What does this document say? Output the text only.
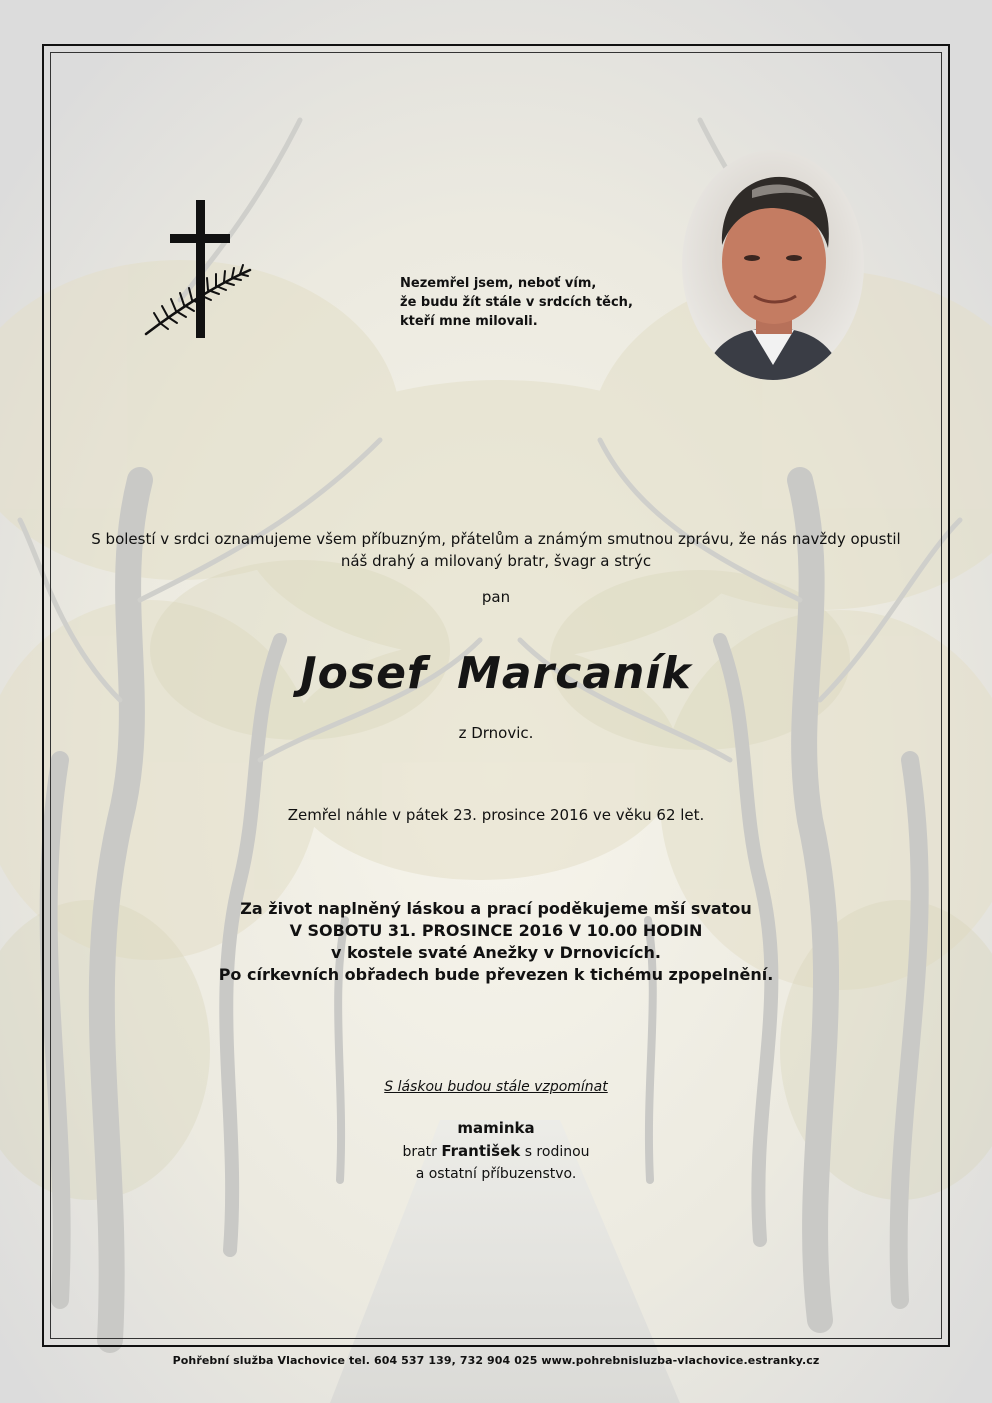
Nezemřel jsem, neboť vím,
že budu žít stále v srdcích těch,
kteří mne milovali.
S bolestí v srdci oznamujeme všem příbuzným, přátelům a známým smutnou zprávu, že nás navždy opustil
náš drahý a milovaný bratr, švagr a strýc
pan
Josef Marcaník
z Drnovic.
Zemřel náhle v pátek 23. prosince 2016 ve věku 62 let.
Za život naplněný láskou a prací poděkujeme mší svatou
V SOBOTU 31. PROSINCE 2016 V 10.00 HODIN
v kostele svaté Anežky v Drnovicích.
Po církevních obřadech bude převezen k tichému zpopelnění.
S láskou budou stále vzpomínat
maminka
bratr František s rodinou
a ostatní příbuzenstvo.
Pohřební služba Vlachovice tel. 604 537 139, 732 904 025 www.pohrebnisluzba-vlachovice.estranky.cz
